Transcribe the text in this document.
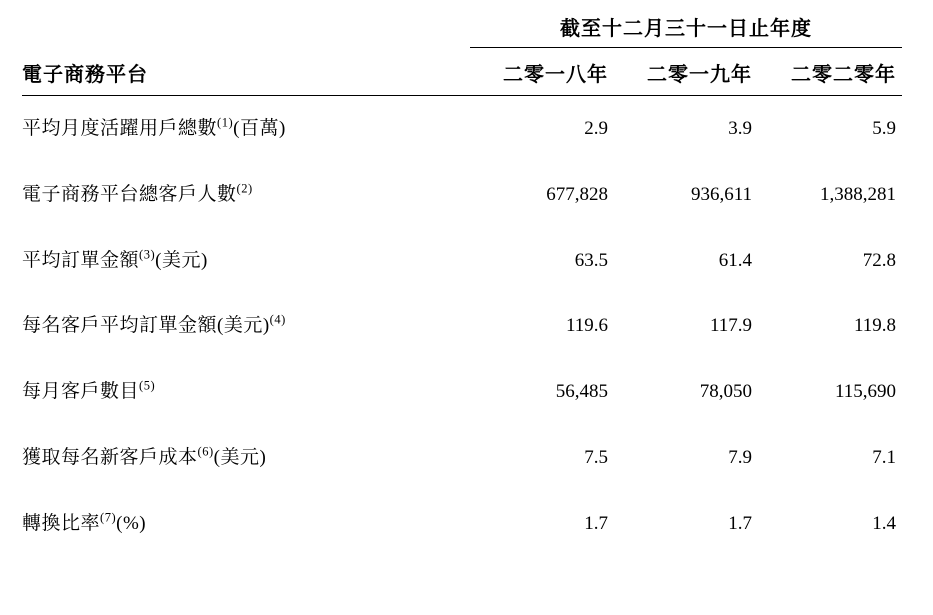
	截至十二月三十一日止年度		
電子商務平台	二零一八年	二零一九年	二零二零年
平均月度活躍用戶總數$^{(1)}$(百萬)	2.9	3.9	5.9
電子商務平台總客戶人數$^{(2)}$	677,828	936,611	1,388,281
平均訂單金額$^{(3)}$(美元)	63.5	61.4	72.8
每名客戶平均訂單金額(美元)$^{(4)}$	119.6	117.9	119.8
每月客戶數目$^{(5)}$	56,485	78,050	115,690
獲取每名新客戶成本$^{(6)}$(美元)	7.5	7.9	7.1
轉換比率$^{(7)}$(%)	1.7	1.7	1.4
